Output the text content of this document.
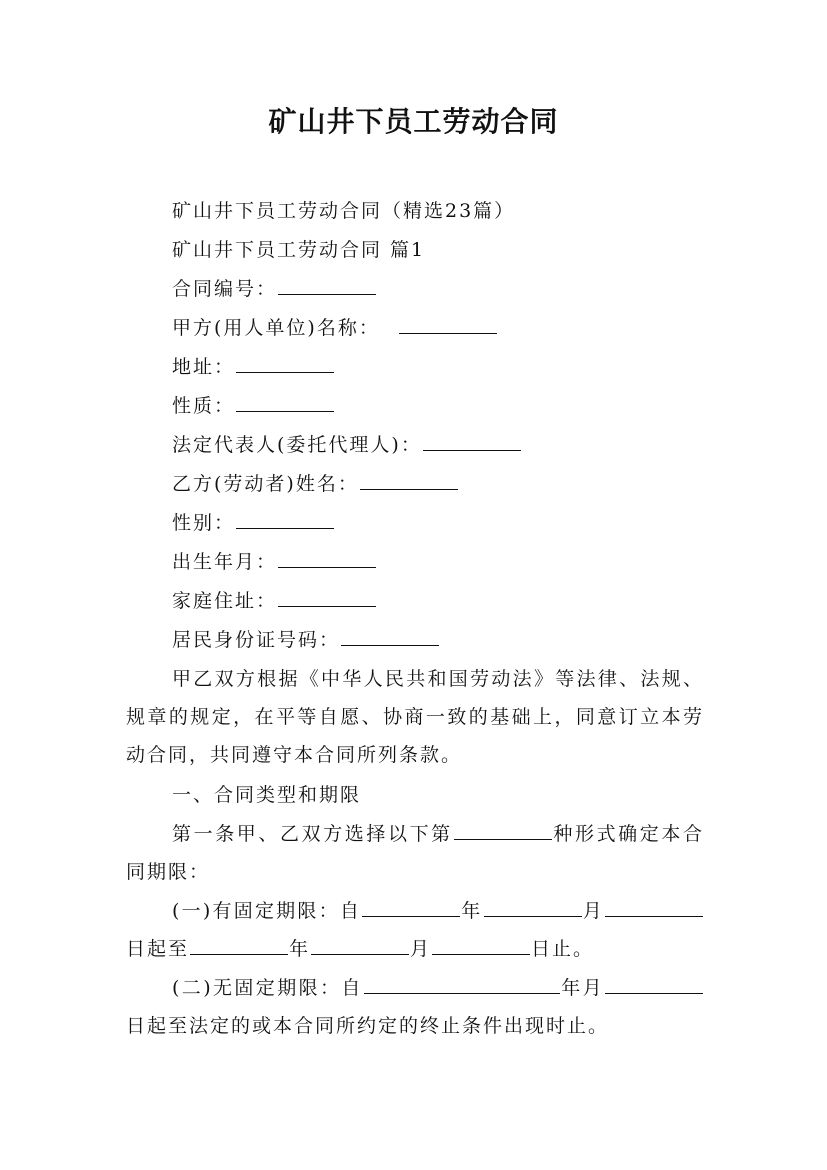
矿山井下员工劳动合同
矿山井下员工劳动合同（精选23篇）
矿山井下员工劳动合同 篇1
合同编号：
甲方(用人单位)名称：
地址：
性质：
法定代表人(委托代理人)：
乙方(劳动者)姓名：
性别：
出生年月：
家庭住址：
居民身份证号码：
甲乙双方根据《中华人民共和国劳动法》等法律、法规、规章的规定，在平等自愿、协商一致的基础上，同意订立本劳动合同，共同遵守本合同所列条款。
一、合同类型和期限
第一条甲、乙双方选择以下第	种形式确定本合同期限：
(一)有固定期限：自	年	月日起至	年	月	日止。
(二)无固定期限：自	年月日起至法定的或本合同所约定的终止条件出现时止。
